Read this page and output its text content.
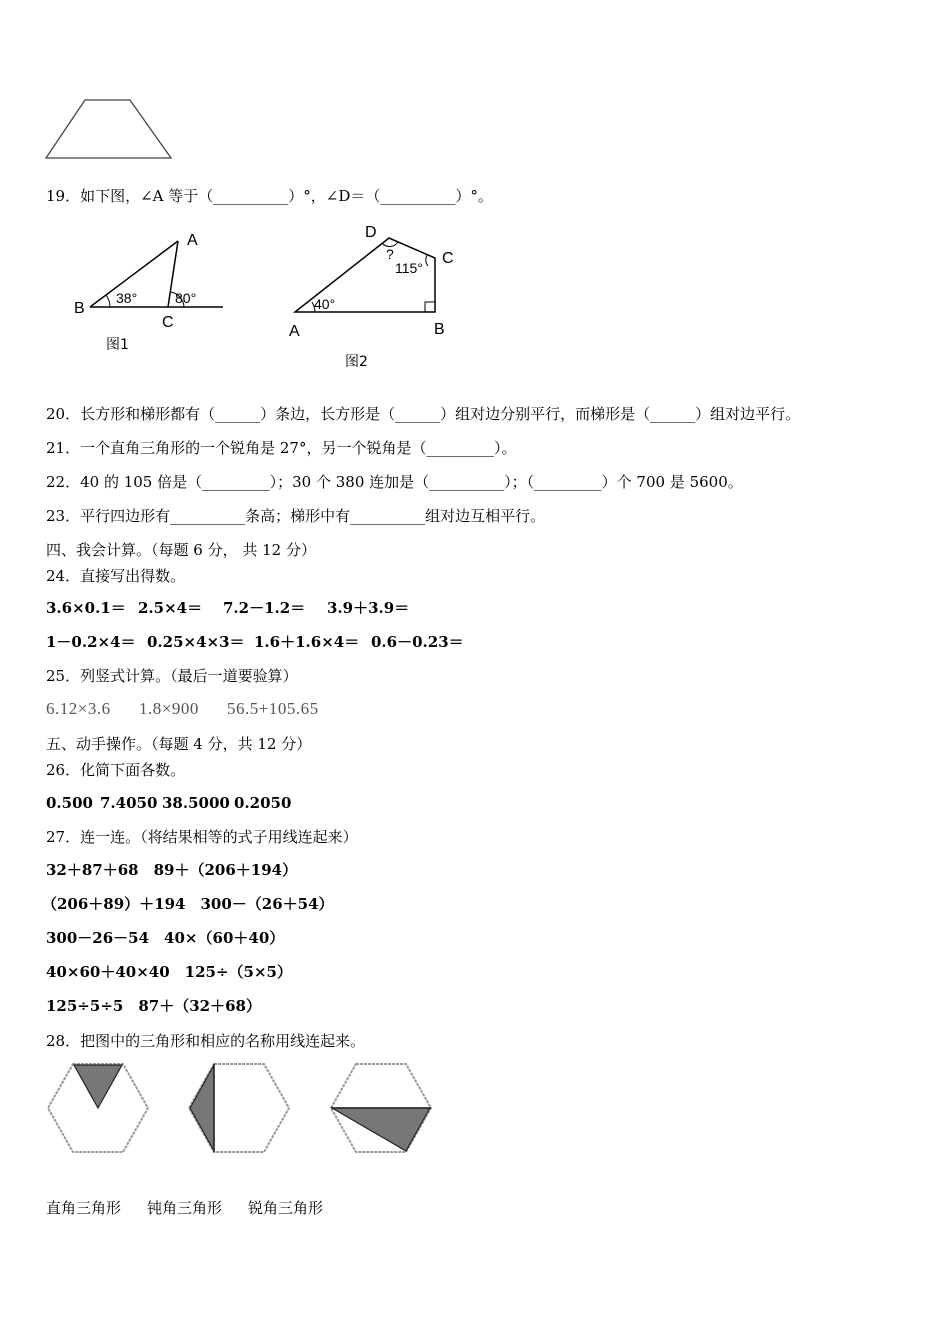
19．如下图，∠A 等于（__________）°，∠D＝（__________）°。
A
B
C
38°	80°
图1
D
C
A	B
40°
115°
?
图2
20．长方形和梯形都有（______）条边，长方形是（______）组对边分别平行，而梯形是（______）组对边平行。
21．一个直角三角形的一个锐角是 27°，另一个锐角是（_________）。
22．40 的 105 倍是（_________）；30 个 380 连加是（__________）；（_________）个 700 是 5600。
23．平行四边形有__________条高；梯形中有__________组对边互相平行。
四、我会计算。（每题 6 分， 共 12 分）
24．直接写出得数。
3.6×0.1＝ 2.5×4＝ 7.2－1.2＝ 3.9＋3.9＝
1－0.2×4＝ 0.25×4×3＝ 1.6＋1.6×4＝ 0.6－0.23＝
25．列竖式计算。（最后一道要验算）
6.12×3.6 1.8×900 56.5+105.65
五、动手操作。（每题 4 分，共 12 分）
26．化简下面各数。
0.500 7.4050 38.5000 0.2050
27．连一连。（将结果相等的式子用线连起来）
32＋87＋68　89＋（206＋194）
（206＋89）＋194　300－（26＋54）
300－26－54　40×（60＋40）
40×60＋40×40　125÷（5×5）
125÷5÷5　87＋（32＋68）
28．把图中的三角形和相应的名称用线连起来。
直角三角形 钝角三角形 锐角三角形
